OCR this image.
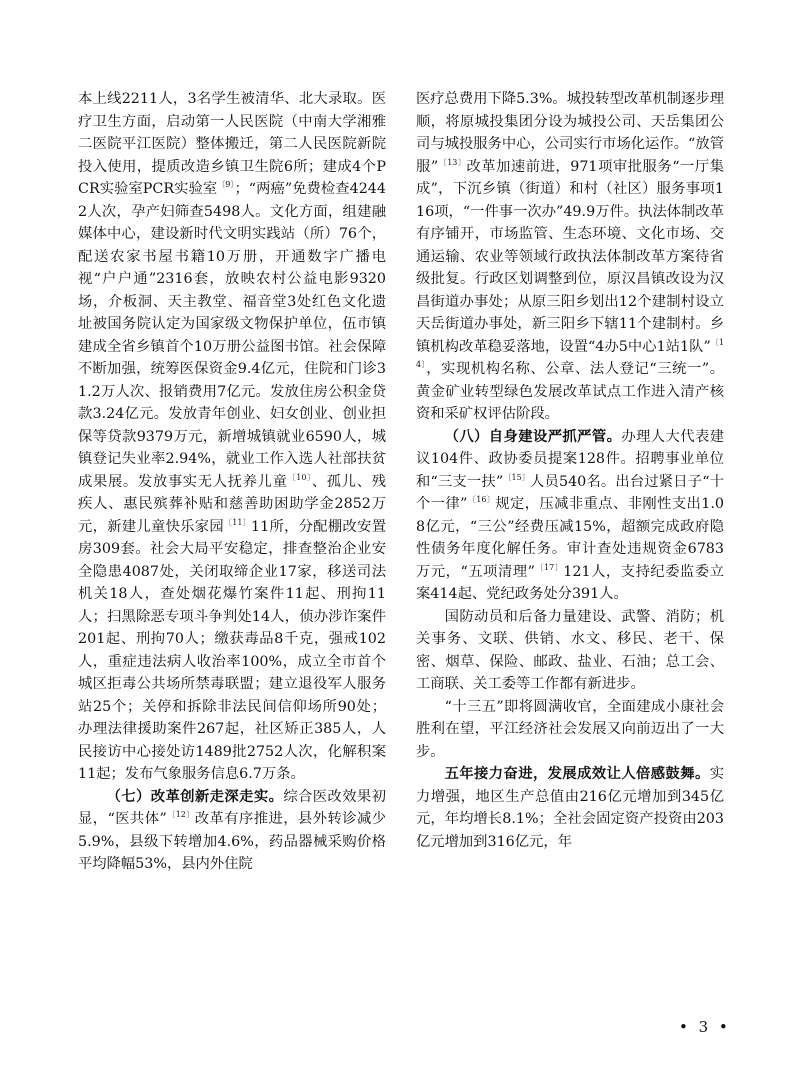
本上线2211人，3名学生被清华、北大录取。医疗卫生方面，启动第一人民医院（中南大学湘雅二医院平江医院）整体搬迁，第二人民医院新院投入使用，提质改造乡镇卫生院6所；建成4个PCR实验室PCR实验室$^{〔9〕}$；“两癌”免费检查42442人次，孕产妇筛查5498人。文化方面，组建融媒体中心，建设新时代文明实践站（所）76个，配送农家书屋书籍10万册，开通数字广播电视“户户通”2316套，放映农村公益电影9320场，介板洞、天主教堂、福音堂3处红色文化遗址被国务院认定为国家级文物保护单位，伍市镇建成全省乡镇首个10万册公益图书馆。社会保障不断加强，统筹医保资金9.4亿元，住院和门诊31.2万人次、报销费用7亿元。发放住房公积金贷款3.24亿元。发放青年创业、妇女创业、创业担保等贷款9379万元，新增城镇就业6590人，城镇登记失业率2.94%，就业工作入选人社部扶贫成果展。发放事实无人抚养儿童$^{〔10〕}$、孤儿、残疾人、惠民殡葬补贴和慈善助困助学金2852万元，新建儿童快乐家园$^{〔11〕}$11所，分配棚改安置房309套。社会大局平安稳定，排查整治企业安全隐患4087处，关闭取缔企业17家，移送司法机关18人，查处烟花爆竹案件11起、刑拘11人；扫黑除恶专项斗争判处14人，侦办涉诈案件201起、刑拘70人；缴获毒品8千克，强戒102人，重症违法病人收治率100%，成立全市首个城区拒毒公共场所禁毒联盟；建立退役军人服务站25个；关停和拆除非法民间信仰场所90处；办理法律援助案件267起，社区矫正385人，人民接访中心接处访1489批2752人次，化解积案11起；发布气象服务信息6.7万条。

（七）改革创新走深走实。综合医改效果初显，“医共体”$^{〔12〕}$改革有序推进，县外转诊减少5.9%，县级下转增加4.6%，药品器械采购价格平均降幅53%，县内外住院

医疗总费用下降5.3%。城投转型改革机制逐步理顺，将原城投集团分设为城投公司、天岳集团公司与城投服务中心，公司实行市场化运作。“放管服”$^{〔13〕}$改革加速前进，971项审批服务“一厅集成”，下沉乡镇（街道）和村（社区）服务事项116项，“一件事一次办”49.9万件。执法体制改革有序铺开，市场监管、生态环境、文化市场、交通运输、农业等领域行政执法体制改革方案待省级批复。行政区划调整到位，原汉昌镇改设为汉昌街道办事处；从原三阳乡划出12个建制村设立天岳街道办事处，新三阳乡下辖11个建制村。乡镇机构改革稳妥落地，设置“4办5中心1站1队”$^{〔14〕}$，实现机构名称、公章、法人登记“三统一”。黄金矿业转型绿色发展改革试点工作进入清产核资和采矿权评估阶段。

（八）自身建设严抓严管。办理人大代表建议104件、政协委员提案128件。招聘事业单位和“三支一扶”$^{〔15〕}$人员540名。出台过紧日子“十个一律”$^{〔16〕}$规定，压减非重点、非刚性支出1.08亿元，“三公”经费压减15%，超额完成政府隐性债务年度化解任务。审计查处违规资金6783万元，“五项清理”$^{〔17〕}$121人，支持纪委监委立案414起、党纪政务处分391人。

国防动员和后备力量建设、武警、消防；机关事务、文联、供销、水文、移民、老干、保密、烟草、保险、邮政、盐业、石油；总工会、工商联、关工委等工作都有新进步。

“十三五”即将圆满收官，全面建成小康社会胜利在望，平江经济社会发展又向前迈出了一大步。

五年接力奋进，发展成效让人倍感鼓舞。实力增强，地区生产总值由216亿元增加到345亿元，年均增长8.1%；全社会固定资产投资由203亿元增加到316亿元，年

• 3 •
